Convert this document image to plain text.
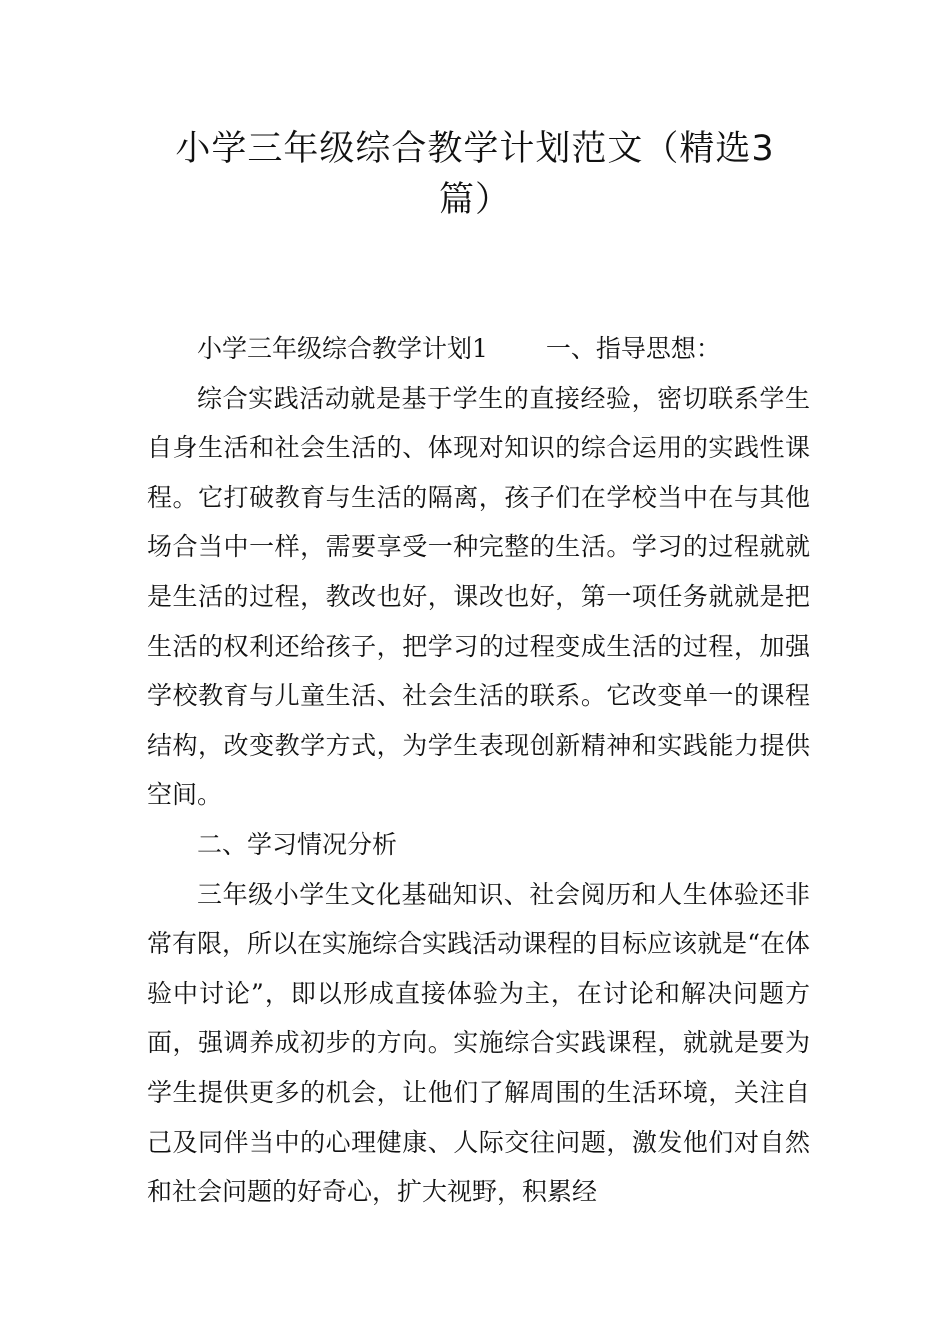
小学三年级综合教学计划范文（精选3篇）

小学三年级综合教学计划1 一、指导思想：

综合实践活动就是基于学生的直接经验，密切联系学生自身生活和社会生活的、体现对知识的综合运用的实践性课程。它打破教育与生活的隔离，孩子们在学校当中在与其他场合当中一样，需要享受一种完整的生活。学习的过程就就是生活的过程，教改也好，课改也好，第一项任务就就是把生活的权利还给孩子，把学习的过程变成生活的过程，加强学校教育与儿童生活、社会生活的联系。它改变单一的课程结构，改变教学方式，为学生表现创新精神和实践能力提供空间。

二、学习情况分析

三年级小学生文化基础知识、社会阅历和人生体验还非常有限，所以在实施综合实践活动课程的目标应该就是“在体验中讨论”，即以形成直接体验为主，在讨论和解决问题方面，强调养成初步的方向。实施综合实践课程，就就是要为学生提供更多的机会，让他们了解周围的生活环境，关注自己及同伴当中的心理健康、人际交往问题，激发他们对自然和社会问题的好奇心，扩大视野，积累经
